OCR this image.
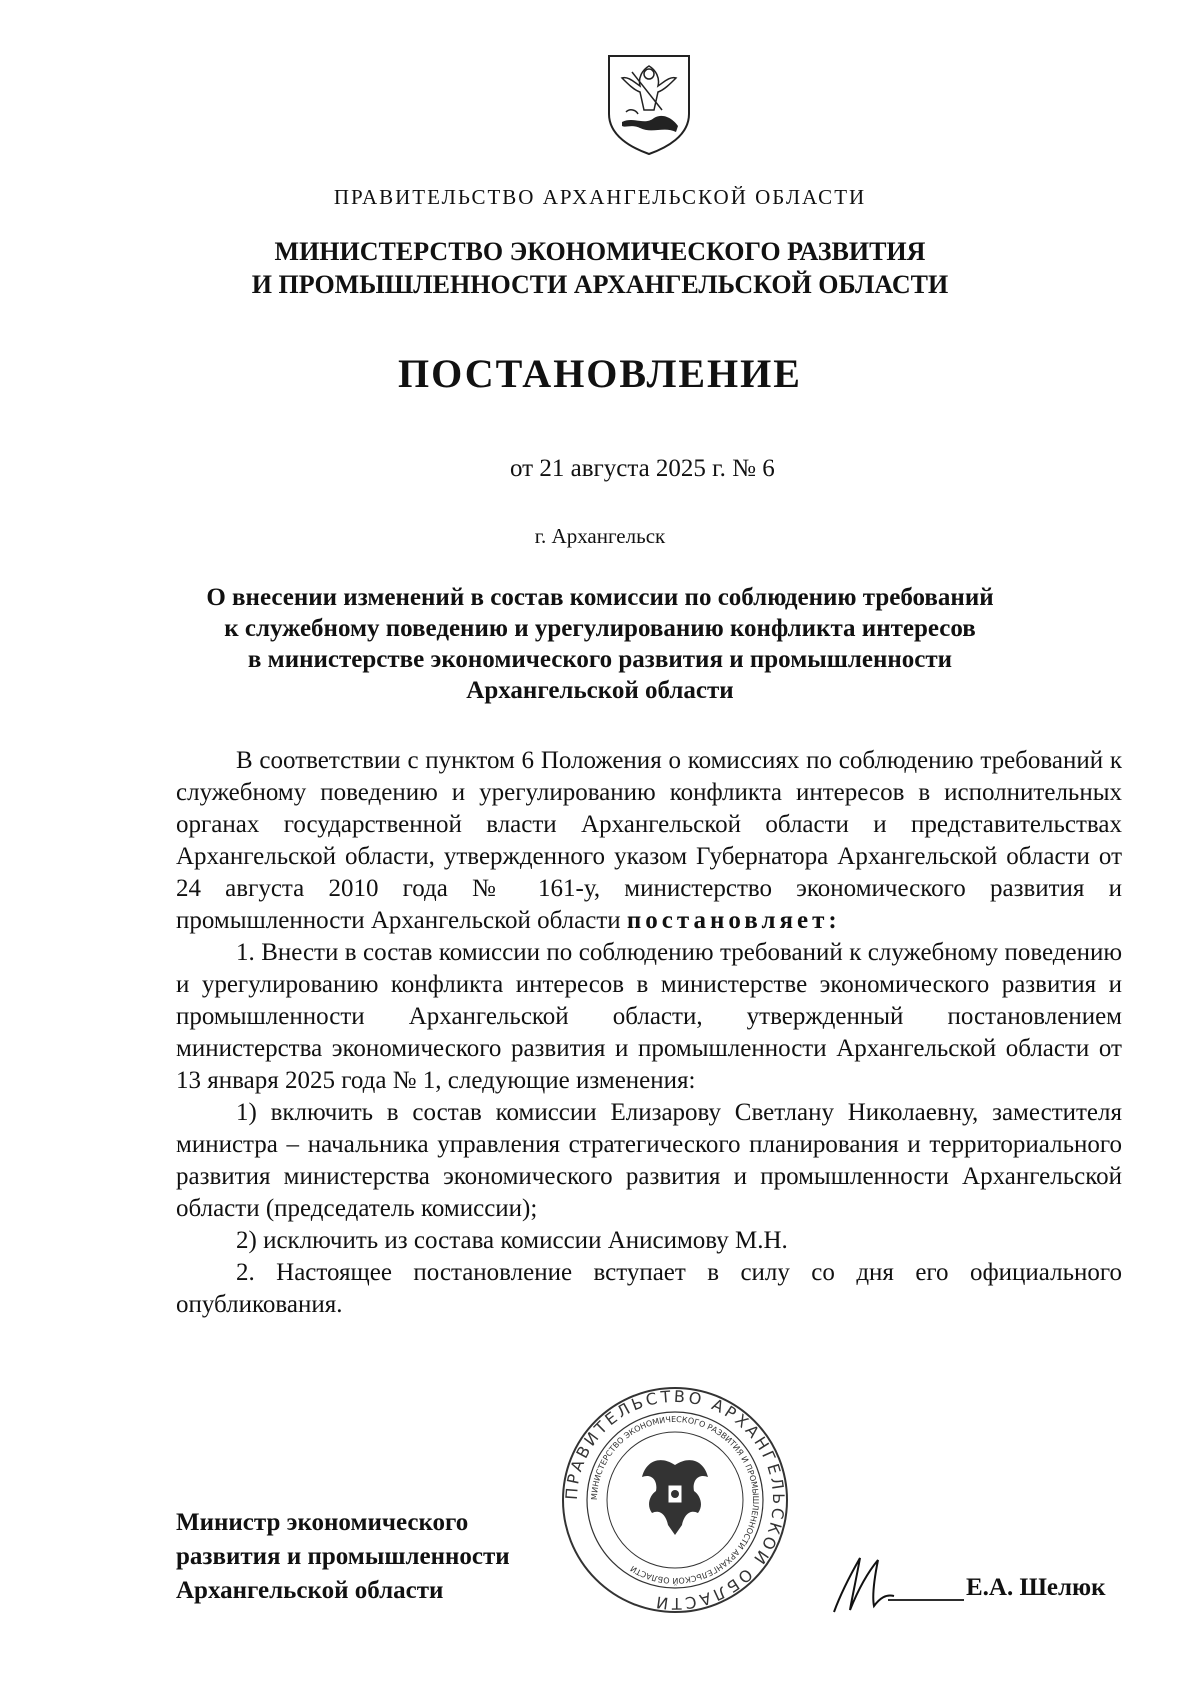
ПРАВИТЕЛЬСТВО АРХАНГЕЛЬСКОЙ ОБЛАСТИ
МИНИСТЕРСТВО ЭКОНОМИЧЕСКОГО РАЗВИТИЯ
И ПРОМЫШЛЕННОСТИ АРХАНГЕЛЬСКОЙ ОБЛАСТИ
ПОСТАНОВЛЕНИЕ
от 21 августа 2025 г. № 6
г. Архангельск
О внесении изменений в состав комиссии по соблюдению требований
к служебному поведению и урегулированию конфликта интересов
в министерстве экономического развития и промышленности
Архангельской области

В соответствии с пунктом 6 Положения о комиссиях по соблюдению требований к служебному поведению и урегулированию конфликта интересов в исполнительных органах государственной власти Архангельской области и представительствах Архангельской области, утвержденного указом Губернатора Архангельской области от 24 августа 2010 года № 161-у, министерство экономического развития и промышленности Архангельской области постановляет:

1. Внести в состав комиссии по соблюдению требований к служебному поведению и урегулированию конфликта интересов в министерстве экономического развития и промышленности Архангельской области, утвержденный постановлением министерства экономического развития и промышленности Архангельской области от 13 января 2025 года № 1, следующие изменения:

1) включить в состав комиссии Елизарову Светлану Николаевну, заместителя министра – начальника управления стратегического планирования и территориального развития министерства экономического развития и промышленности Архангельской области (председатель комиссии);

2) исключить из состава комиссии Анисимову М.Н.

2. Настоящее постановление вступает в силу со дня его официального опубликования.

ПРАВИТЕЛЬСТВО АРХАНГЕЛЬСКОЙ ОБЛАСТИ
МИНИСТЕРСТВО ЭКОНОМИЧЕСКОГО РАЗВИТИЯ И ПРОМЫШЛЕННОСТИ АРХАНГЕЛЬСКОЙ ОБЛАСТИ
Министр экономического
развития и промышленности
Архангельской области	Е.А. Шелюк
